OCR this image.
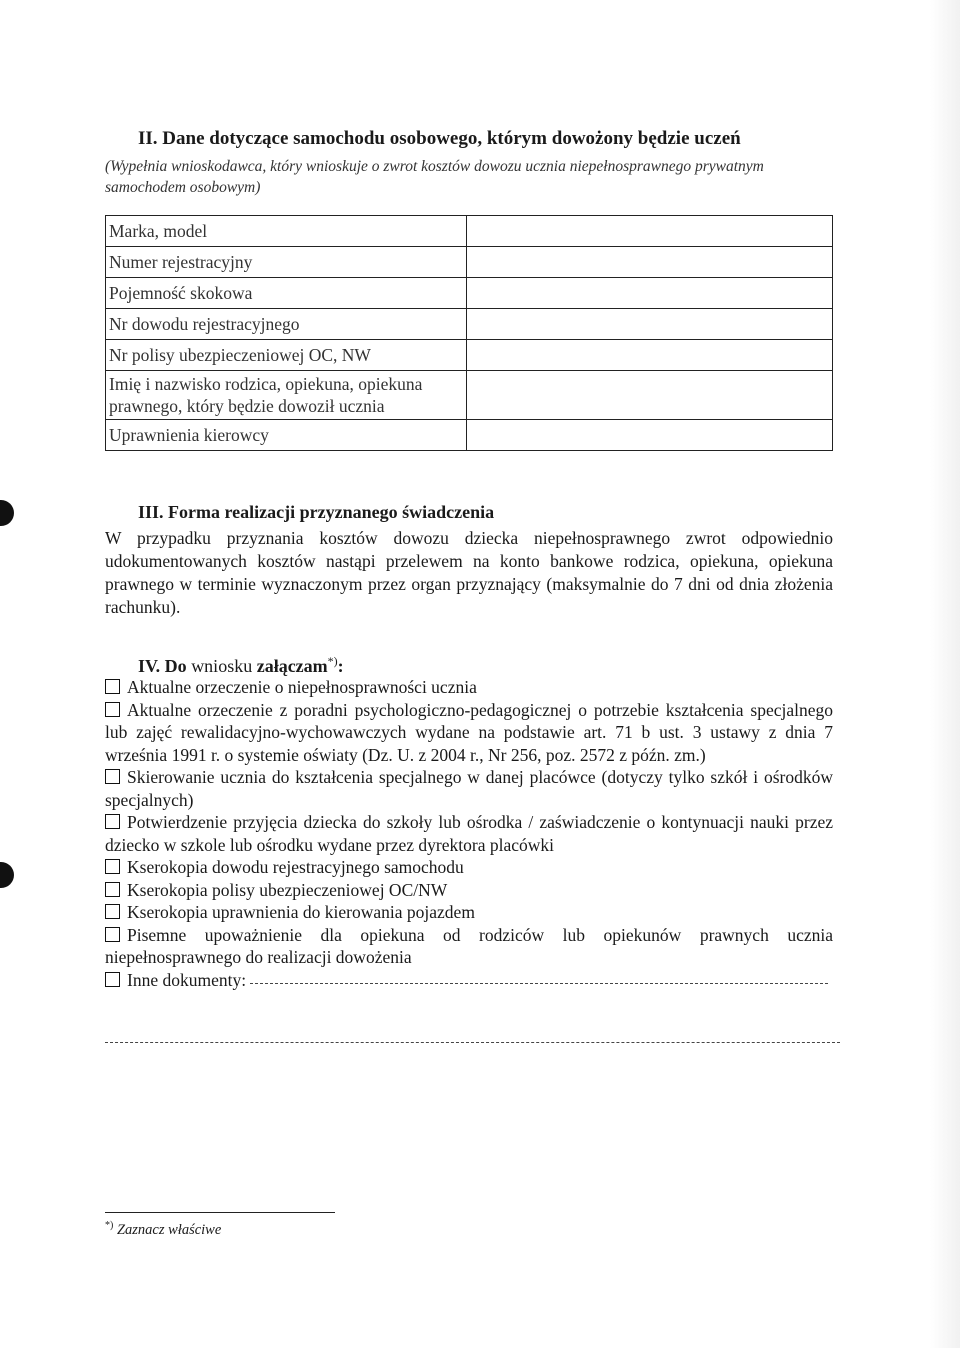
II. Dane dotyczące samochodu osobowego, którym dowożony będzie uczeń
(Wypełnia wnioskodawca, który wnioskuje o zwrot kosztów dowozu ucznia niepełnosprawnego prywatnym samochodem osobowym)
Marka, model	
Numer rejestracyjny	
Pojemność skokowa	
Nr dowodu rejestracyjnego	
Nr polisy ubezpieczeniowej OC, NW	
Imię i nazwisko rodzica, opiekuna, opiekuna prawnego, który będzie dowoził ucznia	
Uprawnienia kierowcy	
III. Forma realizacji przyznanego świadczenia
W przypadku przyznania kosztów dowozu dziecka niepełnosprawnego zwrot odpowiednio udokumentowanych kosztów nastąpi przelewem na konto bankowe rodzica, opiekuna, opiekuna prawnego w terminie wyznaczonym przez organ przyznający (maksymalnie do 7 dni od dnia złożenia rachunku).
IV. Do wniosku załączam*):
Aktualne orzeczenie o niepełnosprawności ucznia
Aktualne orzeczenie z poradni psychologiczno-pedagogicznej o potrzebie kształcenia specjalnego lub zajęć rewalidacyjno-wychowawczych wydane na podstawie art. 71 b ust. 3 ustawy z dnia 7 września 1991 r. o systemie oświaty (Dz. U. z 2004 r., Nr 256, poz. 2572 z późn. zm.)
Skierowanie ucznia do kształcenia specjalnego w danej placówce (dotyczy tylko szkół i ośrodków specjalnych)
Potwierdzenie przyjęcia dziecka do szkoły lub ośrodka / zaświadczenie o kontynuacji nauki przez dziecko w szkole lub ośrodku wydane przez dyrektora placówki
Kserokopia dowodu rejestracyjnego samochodu
Kserokopia polisy ubezpieczeniowej OC/NW
Kserokopia uprawnienia do kierowania pojazdem
Pisemne upoważnienie dla opiekuna od rodziców lub opiekunów prawnych ucznia niepełnosprawnego do realizacji dowożenia
Inne dokumenty:
*) Zaznacz właściwe
